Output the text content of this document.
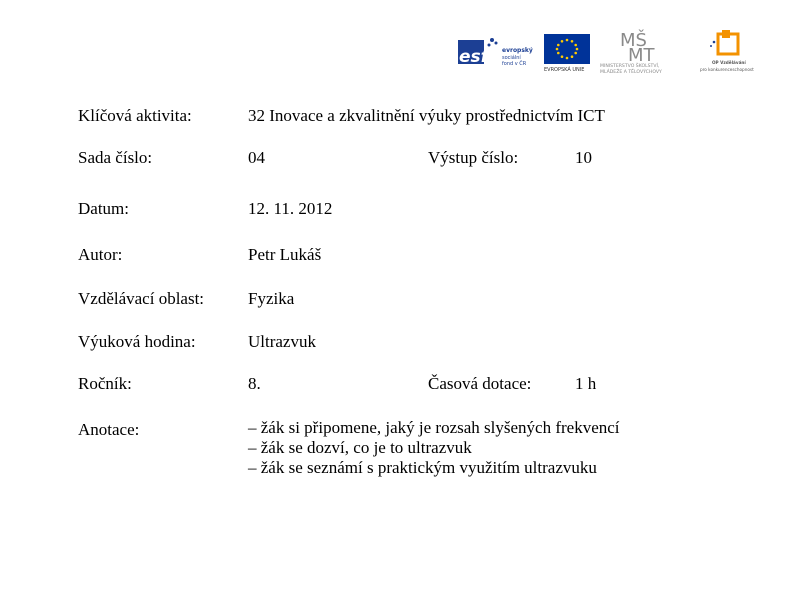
esf	evropský
sociální
fond v ČR
EVROPSKÁ UNIE
MŠ
MT
MINISTERSTVO ŠKOLSTVÍ,
MLÁDEŽE A TĚLOVÝCHOVY
OP Vzdělávání
pro konkurenceschopnost
Klíčová aktivita:	32 Inovace a zkvalitnění výuky prostřednictvím ICT
Sada číslo:	04	Výstup číslo:	10
Datum:	12. 11. 2012
Autor:	Petr Lukáš
Vzdělávací oblast:	Fyzika
Výuková hodina:	Ultrazvuk
Ročník:	8.	Časová dotace:	1 h
Anotace:	– žák si připomene, jaký je rozsah slyšených frekvencí
– žák se dozví, co je to ultrazvuk
– žák se seznámí s praktickým využitím ultrazvuku
